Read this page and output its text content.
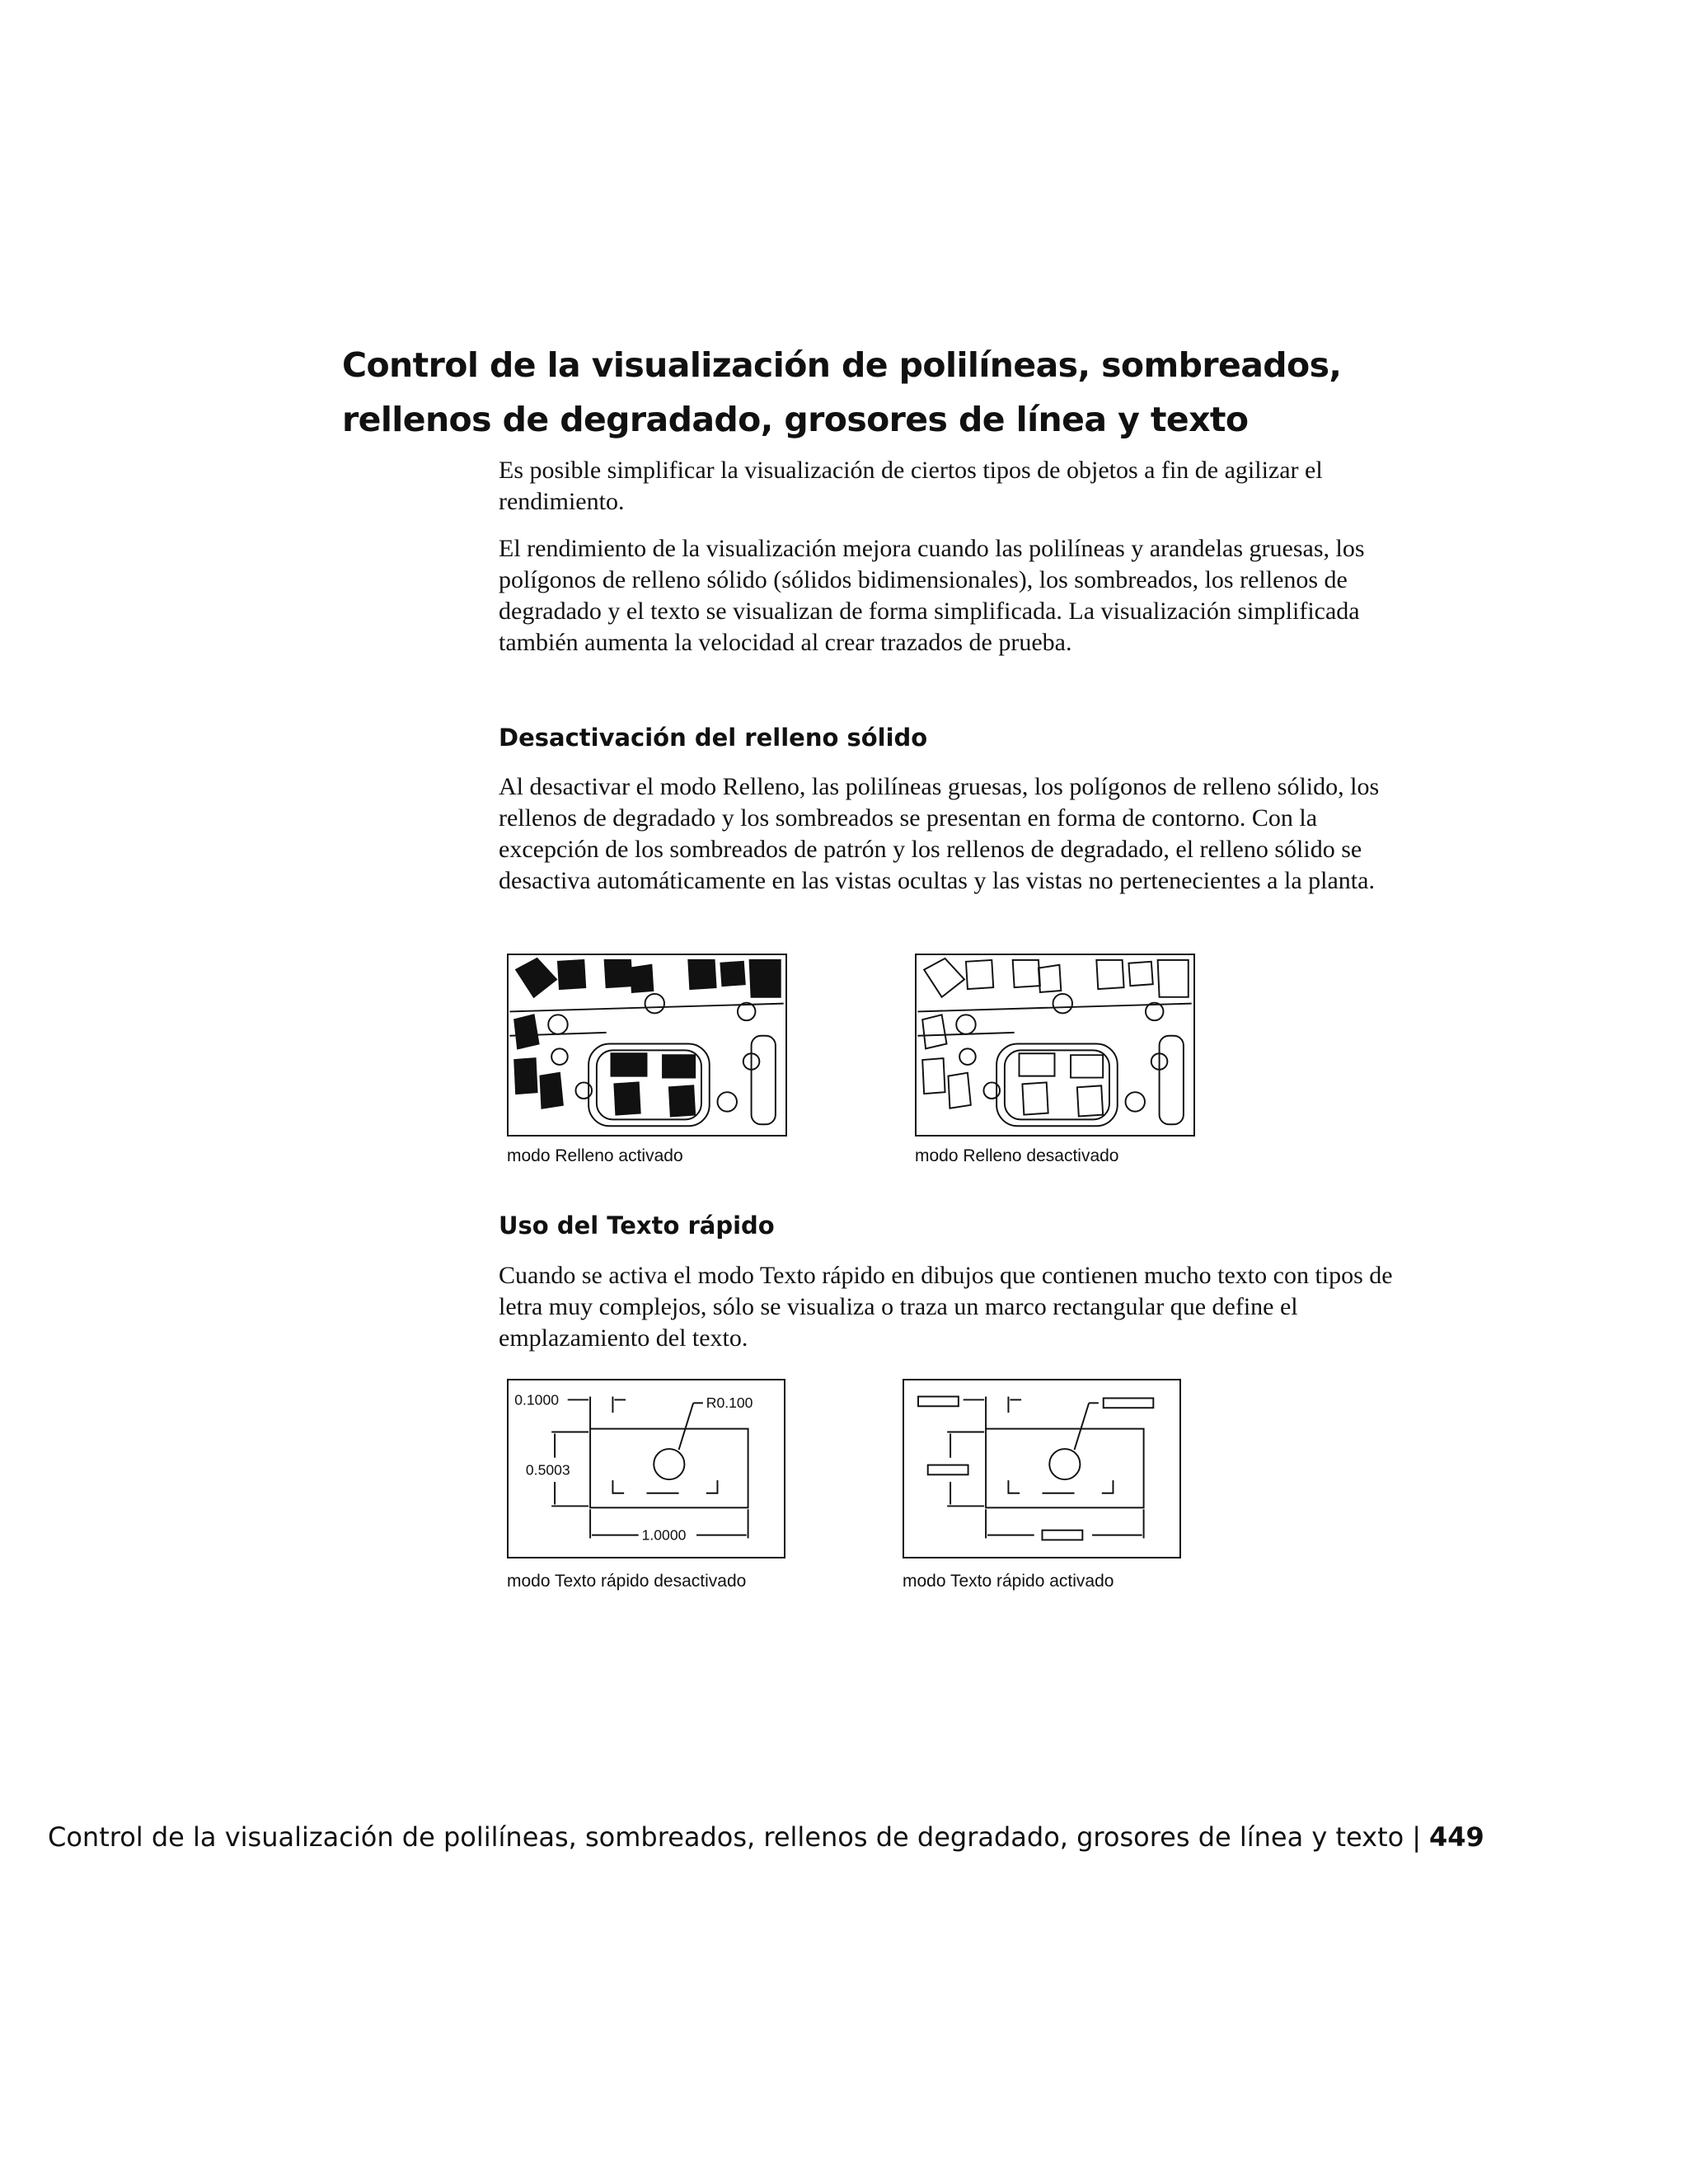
Control de la visualización de polilíneas, sombreados, rellenos de degradado, grosores de línea y texto
Es posible simplificar la visualización de ciertos tipos de objetos a fin de agilizar el rendimiento.
El rendimiento de la visualización mejora cuando las polilíneas y arandelas gruesas, los polígonos de relleno sólido (sólidos bidimensionales), los sombreados, los rellenos de degradado y el texto se visualizan de forma simplificada. La visualización simplificada también aumenta la velocidad al crear trazados de prueba.
Desactivación del relleno sólido
Al desactivar el modo Relleno, las polilíneas gruesas, los polígonos de relleno sólido, los rellenos de degradado y los sombreados se presentan en forma de contorno. Con la excepción de los sombreados de patrón y los rellenos de degradado, el relleno sólido se desactiva automáticamente en las vistas ocultas y las vistas no pertenecientes a la planta.
modo Relleno activado	modo Relleno desactivado
Uso del Texto rápido
Cuando se activa el modo Texto rápido en dibujos que contienen mucho texto con tipos de letra muy complejos, sólo se visualiza o traza un marco rectangular que define el emplazamiento del texto.
0.1000	R0.100
0.5003
1.0000
modo Texto rápido desactivado	modo Texto rápido activado
Control de la visualización de polilíneas, sombreados, rellenos de degradado, grosores de línea y texto | 449
